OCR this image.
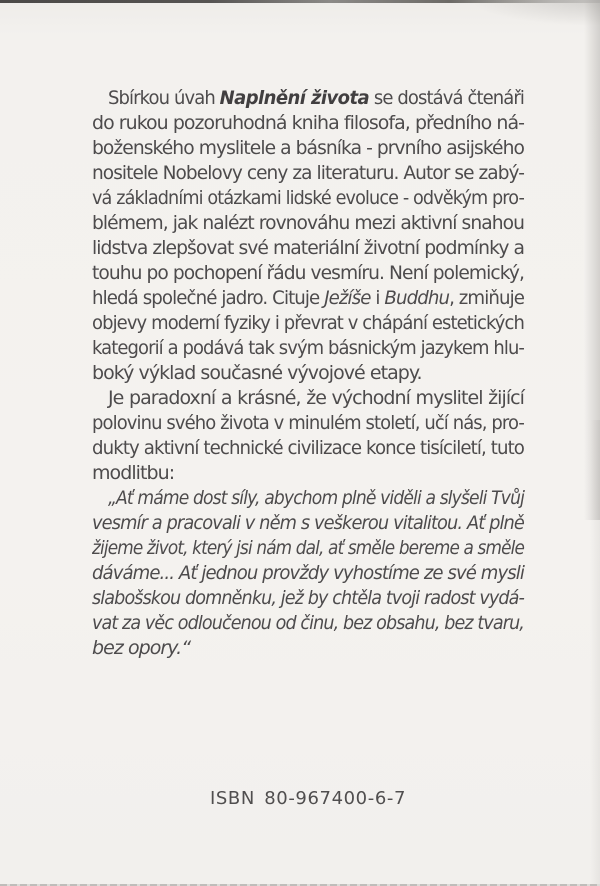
Sbírkou úvah Naplnění života se dostává čtenáři
do rukou pozoruhodná kniha filosofa, předního ná-
boženského myslitele a básníka - prvního asijského
nositele Nobelovy ceny za literaturu. Autor se zabý-
vá základními otázkami lidské evoluce - odvěkým pro-
blémem, jak nalézt rovnováhu mezi aktivní snahou
lidstva zlepšovat své materiální životní podmínky a
touhu po pochopení řádu vesmíru. Není polemický,
hledá společné jadro. Cituje Ježíše i Buddhu, zmiňuje
objevy moderní fyziky i převrat v chápání estetických
kategorií a podává tak svým básnickým jazykem hlu-
boký výklad současné vývojové etapy.
Je paradoxní a krásné, že východní myslitel žijící
polovinu svého života v minulém století, učí nás, pro-
dukty aktivní technické civilizace konce tisíciletí, tuto
modlitbu:
„Ať máme dost síly, abychom plně viděli a slyšeli Tvůj
vesmír a pracovali v něm s veškerou vitalitou. Ať plně
žijeme život, který jsi nám dal, ať směle bereme a směle
dáváme... Ať jednou provždy vyhostíme ze své mysli
slabošskou domněnku, jež by chtěla tvoji radost vydá-
vat za věc odloučenou od činu, bez obsahu, bez tvaru,
bez opory.“
ISBN 80-967400-6-7
